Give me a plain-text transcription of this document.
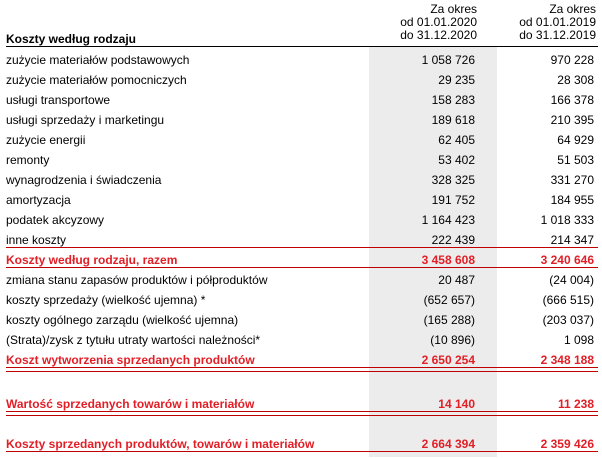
Koszty według rodzaju
Za okres
od 01.01.2020
do 31.12.2020
Za okres
od 01.01.2019
do 31.12.2019
zużycie materiałów podstawowych	1 058 726	970 228
zużycie materiałów pomocniczych	29 235	28 308
usługi transportowe	158 283	166 378
usługi sprzedaży i marketingu	189 618	210 395
zużycie energii	62 405	64 929
remonty	53 402	51 503
wynagrodzenia i świadczenia	328 325	331 270
amortyzacja	191 752	184 955
podatek akcyzowy	1 164 423	1 018 333
inne koszty	222 439	214 347
Koszty według rodzaju, razem	3 458 608	3 240 646
zmiana stanu zapasów produktów i półproduktów	20 487	(24 004)
koszty sprzedaży (wielkość ujemna) *	(652 657)	(666 515)
koszty ogólnego zarządu (wielkość ujemna)	(165 288)	(203 037)
(Strata)/zysk z tytułu utraty wartości należności*	(10 896)	1 098
Koszt wytworzenia sprzedanych produktów	2 650 254	2 348 188
Wartość sprzedanych towarów i materiałów	14 140	11 238
Koszty sprzedanych produktów, towarów i materiałów	2 664 394	2 359 426
